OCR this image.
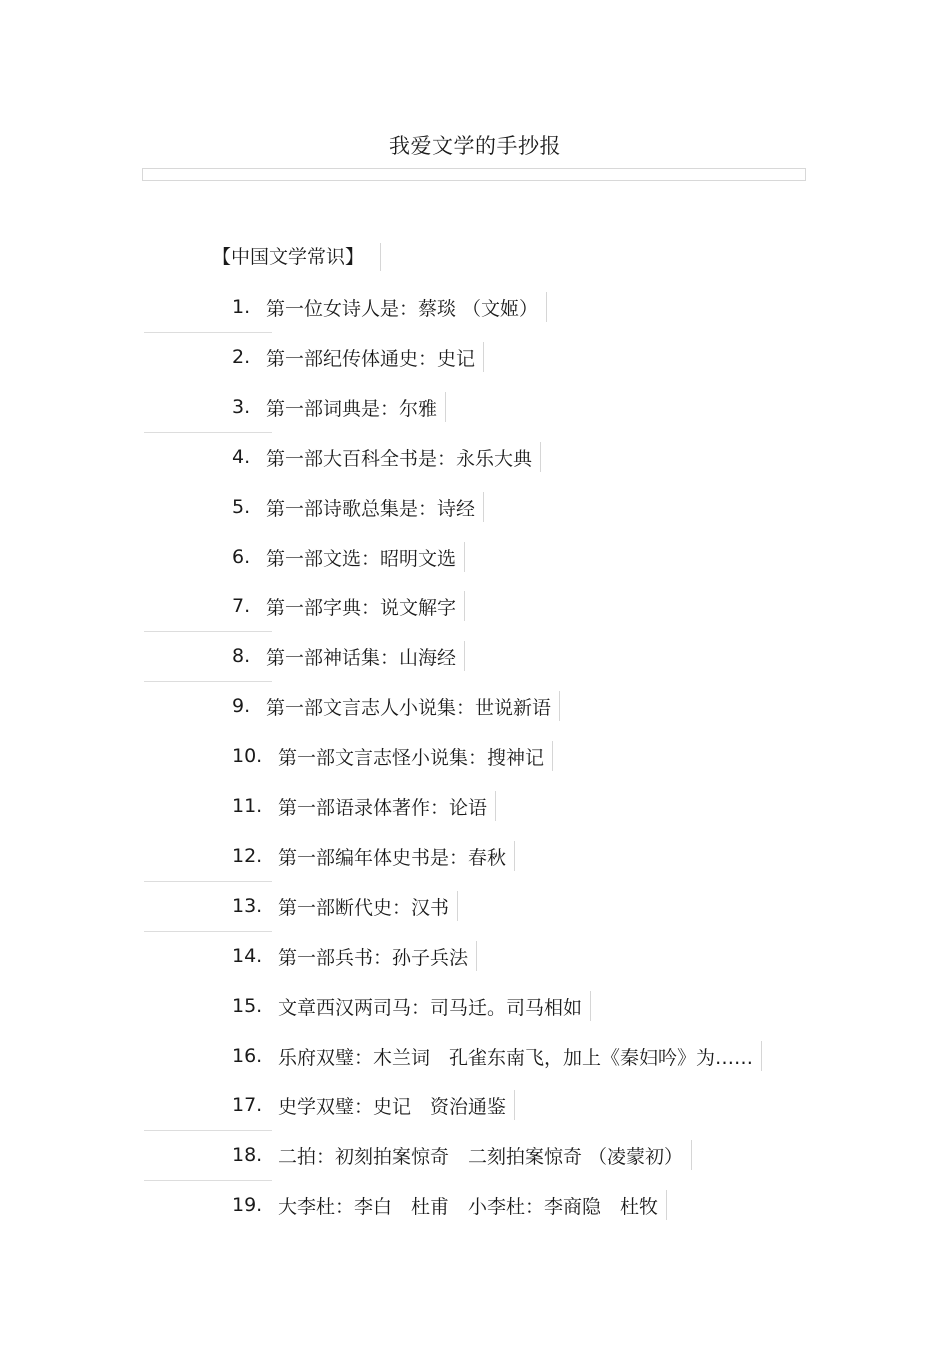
我爱文学的手抄报
【中国文学常识】
1. 第一位女诗人是：蔡琰 （文姬）
2. 第一部纪传体通史：史记
3. 第一部词典是：尔雅
4. 第一部大百科全书是：永乐大典
5. 第一部诗歌总集是：诗经
6. 第一部文选：昭明文选
7. 第一部字典：说文解字
8. 第一部神话集：山海经
9. 第一部文言志人小说集：世说新语
10. 第一部文言志怪小说集：搜神记
11. 第一部语录体著作：论语
12. 第一部编年体史书是：春秋
13. 第一部断代史：汉书
14. 第一部兵书：孙子兵法
15. 文章西汉两司马：司马迁。司马相如
16. 乐府双璧：木兰词　孔雀东南飞，加上《秦妇吟》为……
17. 史学双璧：史记　资治通鉴
18. 二拍：初刻拍案惊奇　二刻拍案惊奇 （凌蒙初）
19. 大李杜：李白　杜甫　小李杜：李商隐　杜牧
